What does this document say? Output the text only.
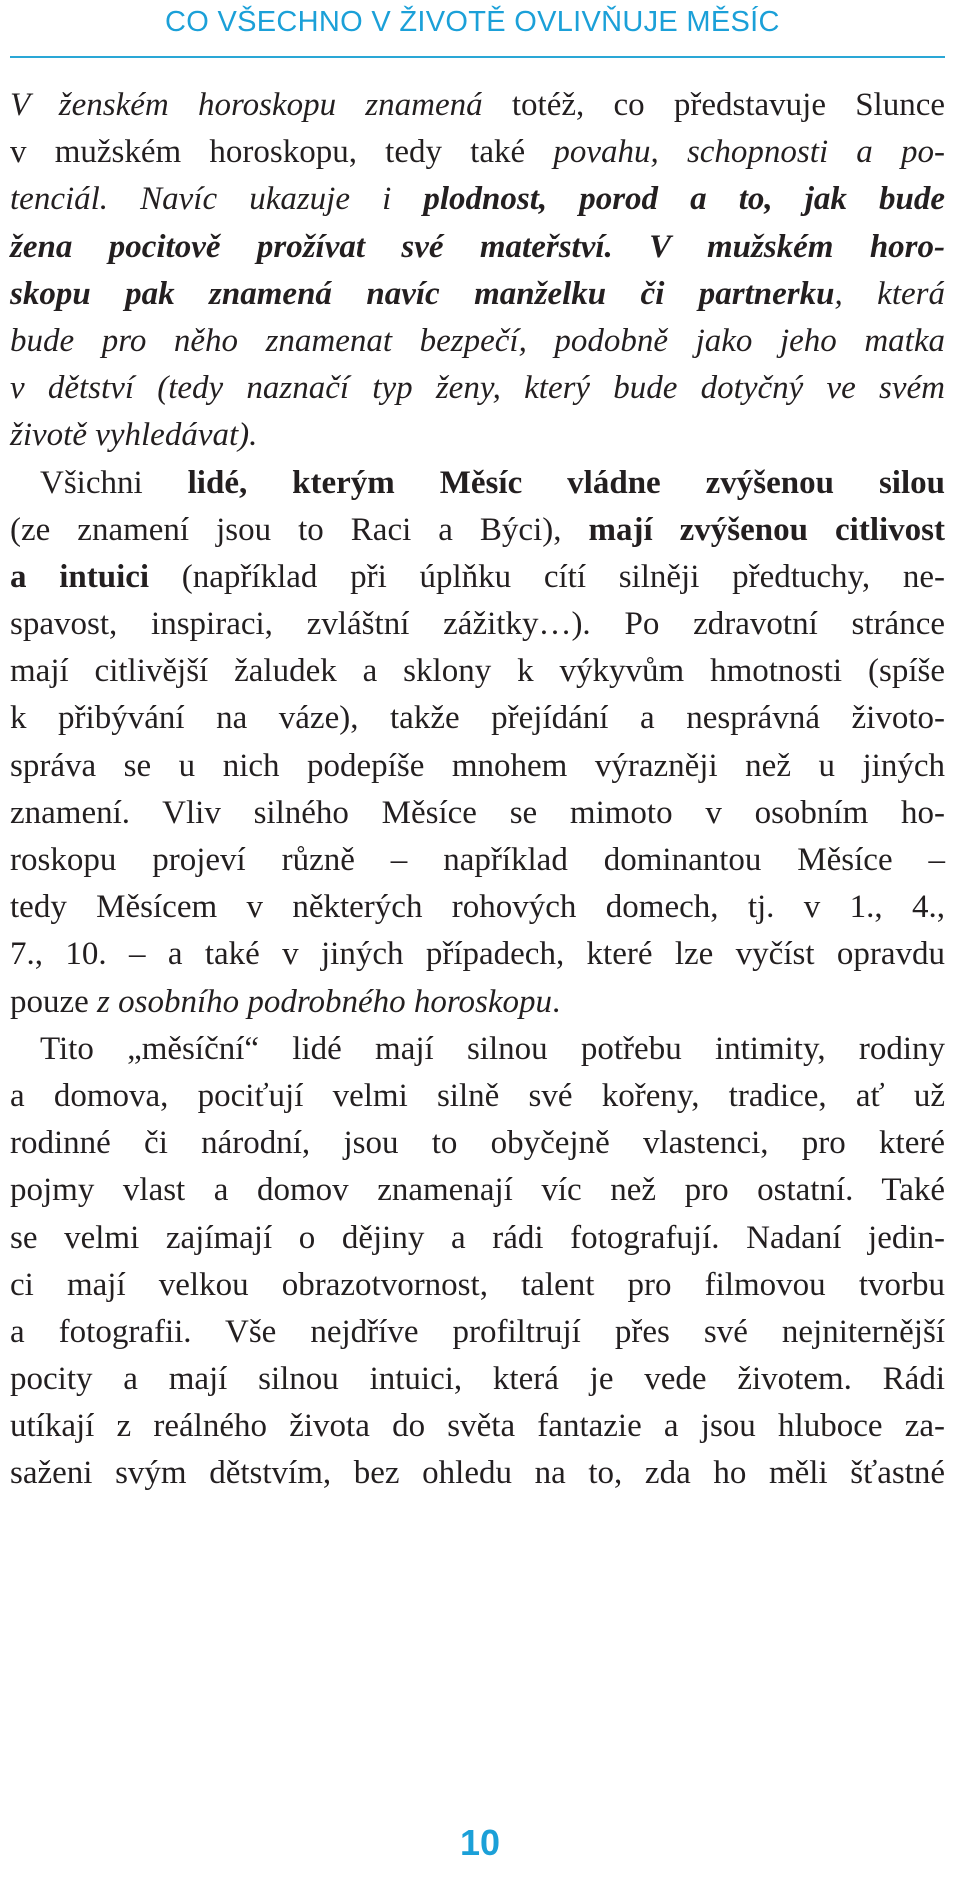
CO VŠECHNO V ŽIVOTĚ OVLIVŇUJE MĚSÍC
V ženském horoskopu znamená totéž, co představuje Slunce
v mužském horoskopu, tedy také povahu, schopnosti a po-
tenciál. Navíc ukazuje i plodnost, porod a to, jak bude
žena pocitově prožívat své mateřství. V mužském horo-
skopu pak znamená navíc manželku či partnerku, která
bude pro něho znamenat bezpečí, podobně jako jeho matka
v dětství (tedy naznačí typ ženy, který bude dotyčný ve svém
životě vyhledávat).
Všichni lidé, kterým Měsíc vládne zvýšenou silou
(ze znamení jsou to Raci a Býci), mají zvýšenou citlivost
a intuici (například při úplňku cítí silněji předtuchy, ne-
spavost, inspiraci, zvláštní zážitky…). Po zdravotní stránce
mají citlivější žaludek a sklony k výkyvům hmotnosti (spíše
k přibývání na váze), takže přejídání a nesprávná životo-
správa se u nich podepíše mnohem výrazněji než u jiných
znamení. Vliv silného Měsíce se mimoto v osobním ho-
roskopu projeví různě – například dominantou Měsíce –
tedy Měsícem v některých rohových domech, tj. v 1., 4.,
7., 10. – a také v jiných případech, které lze vyčíst opravdu
pouze z osobního podrobného horoskopu.
Tito „měsíční“ lidé mají silnou potřebu intimity, rodiny
a domova, pociťují velmi silně své kořeny, tradice, ať už
rodinné či národní, jsou to obyčejně vlastenci, pro které
pojmy vlast a domov znamenají víc než pro ostatní. Také
se velmi zajímají o dějiny a rádi fotografují. Nadaní jedin-
ci mají velkou obrazotvornost, talent pro filmovou tvorbu
a fotografii. Vše nejdříve profiltrují přes své nejniternější
pocity a mají silnou intuici, která je vede životem. Rádi
utíkají z reálného života do světa fantazie a jsou hluboce za-
saženi svým dětstvím, bez ohledu na to, zda ho měli šťastné
10
